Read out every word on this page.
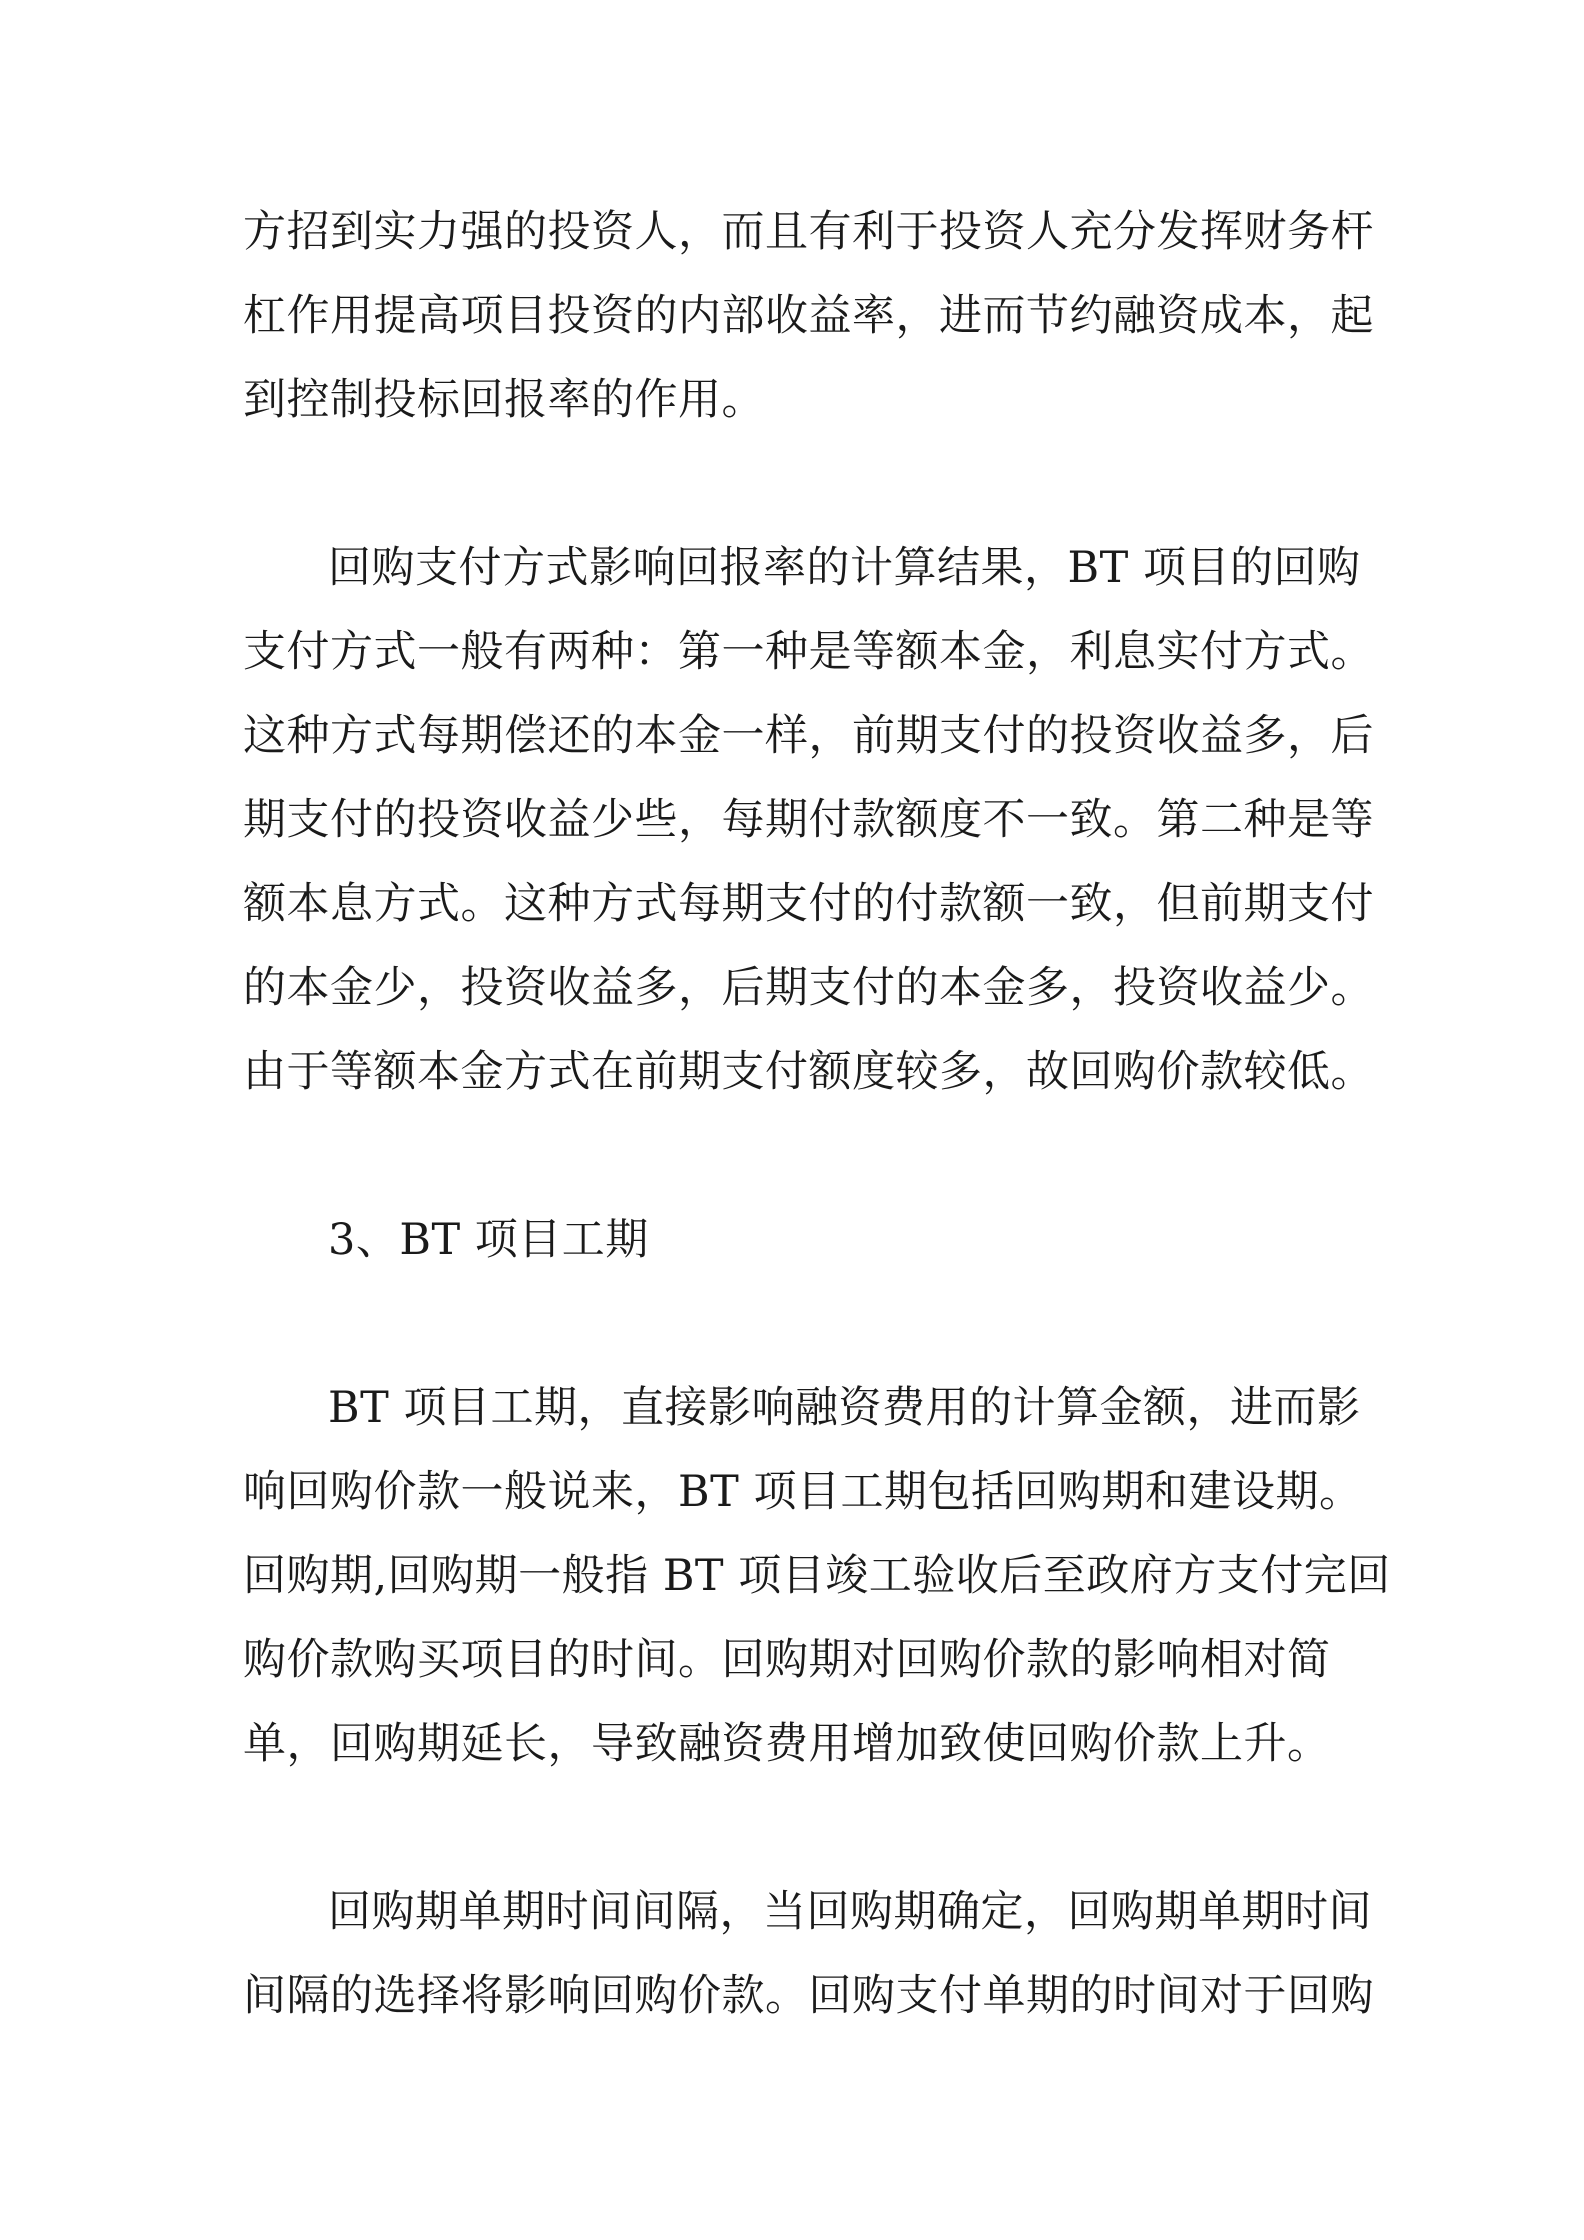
方招到实力强的投资人，而且有利于投资人充分发挥财务杆
杠作用提高项目投资的内部收益率，进而节约融资成本，起
到控制投标回报率的作用。
回购支付方式影响回报率的计算结果，BT 项目的回购
支付方式一般有两种：第一种是等额本金，利息实付方式。
这种方式每期偿还的本金一样，前期支付的投资收益多，后
期支付的投资收益少些，每期付款额度不一致。第二种是等
额本息方式。这种方式每期支付的付款额一致，但前期支付
的本金少，投资收益多，后期支付的本金多，投资收益少。
由于等额本金方式在前期支付额度较多，故回购价款较低。
3、BT 项目工期
BT 项目工期，直接影响融资费用的计算金额，进而影
响回购价款一般说来，BT 项目工期包括回购期和建设期。
回购期,回购期一般指 BT 项目竣工验收后至政府方支付完回
购价款购买项目的时间。回购期对回购价款的影响相对简
单，回购期延长，导致融资费用增加致使回购价款上升。
回购期单期时间间隔，当回购期确定，回购期单期时间
间隔的选择将影响回购价款。回购支付单期的时间对于回购
